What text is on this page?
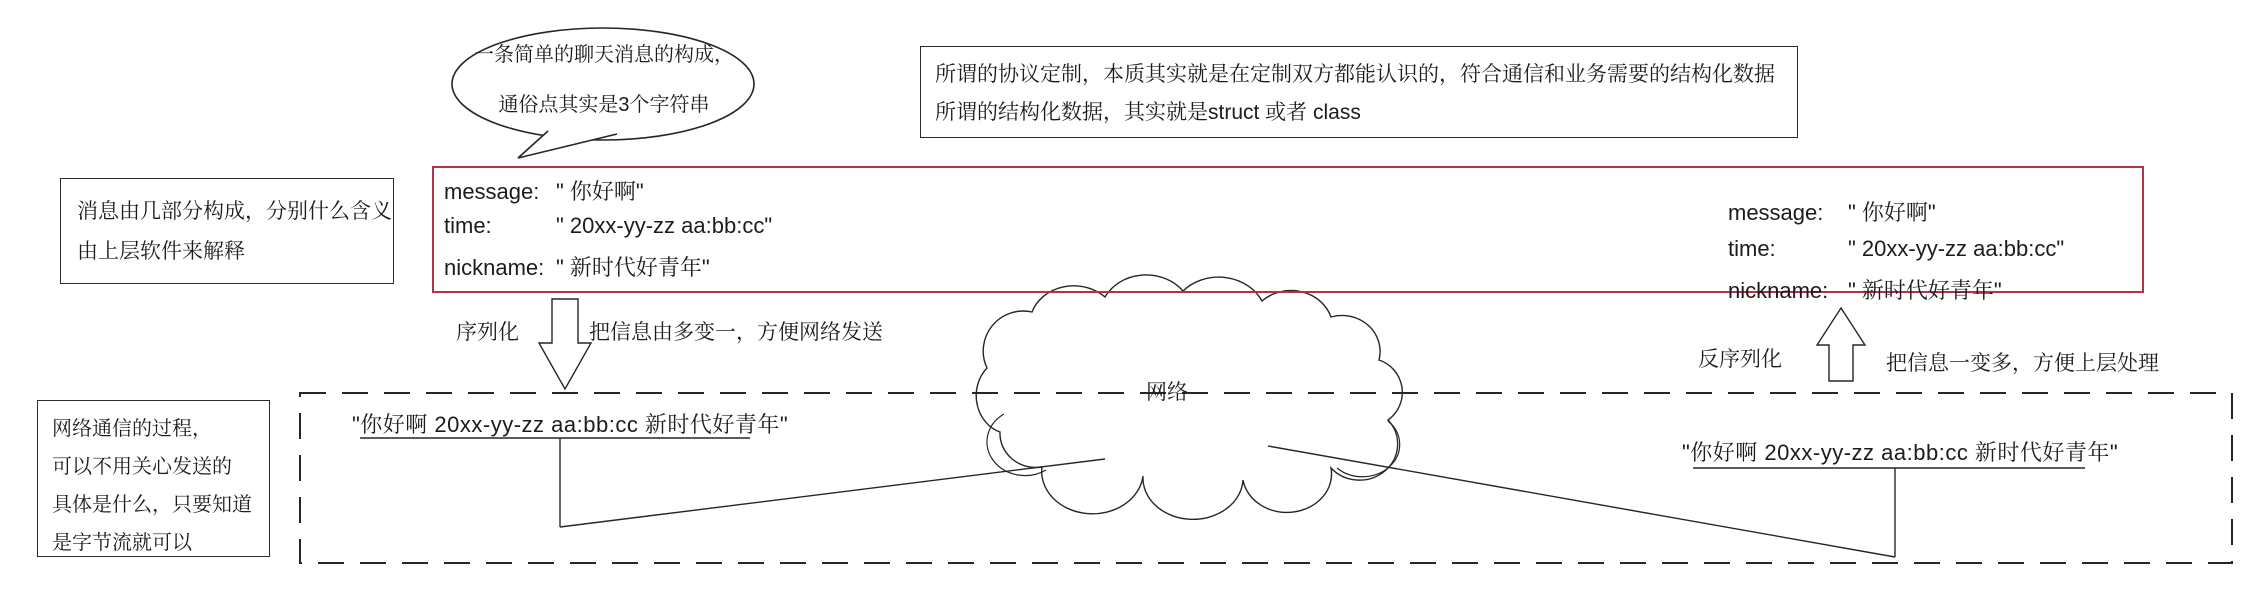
一条简单的聊天消息的构成，
通俗点其实是3个字符串
所谓的协议定制，本质其实就是在定制双方都能认识的，符合通信和业务需要的结构化数据
所谓的结构化数据，其实就是struct 或者 class
消息由几部分构成，分别什么含义
由上层软件来解释
message: " 你好啊"
time:	" 20xx-yy-zz aa:bb:cc"
nickname: " 新时代好青年"
message: " 你好啊"
time:	" 20xx-yy-zz aa:bb:cc"
nickname: " 新时代好青年"
序列化	把信息由多变一，方便网络发送
反序列化	把信息一变多，方便上层处理
网络
网络通信的过程，
可以不用关心发送的
具体是什么，只要知道
是字节流就可以
"你好啊 20xx-yy-zz aa:bb:cc 新时代好青年"
"你好啊 20xx-yy-zz aa:bb:cc 新时代好青年"
